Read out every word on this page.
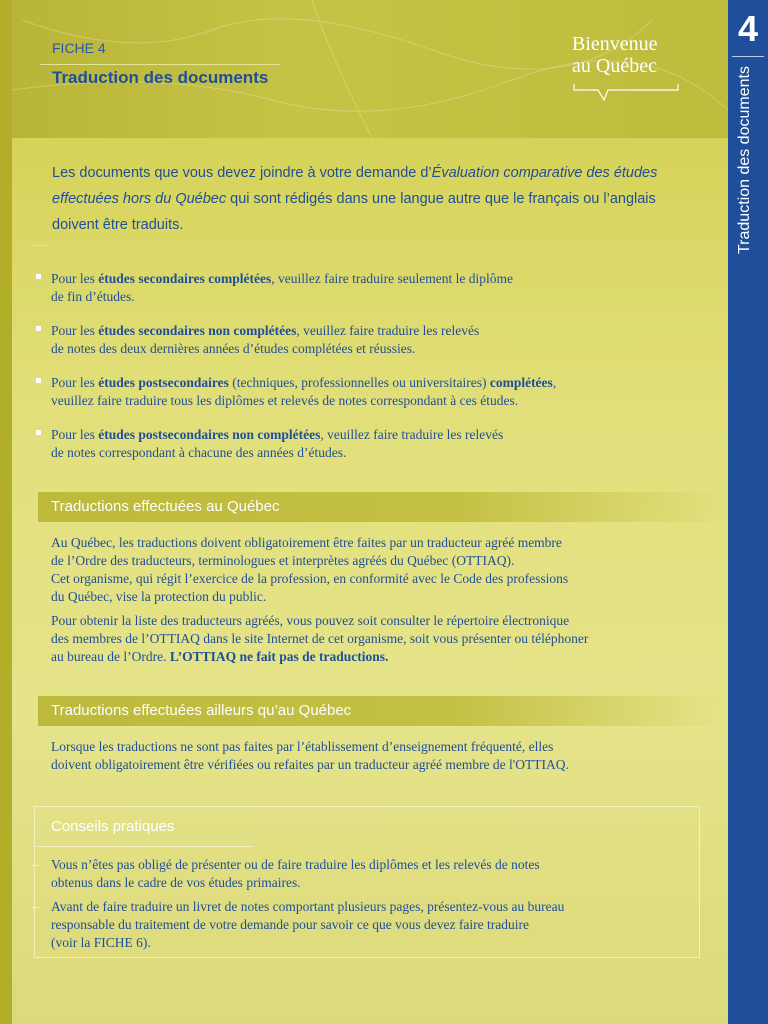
4
Traduction des documents
FICHE 4
Traduction des documents
Bienvenue
au Québec
Les documents que vous devez joindre à votre demande d’Évaluation comparative des études effectuées hors du Québec qui sont rédigés dans une langue autre que le français ou l’anglais doivent être traduits.
Pour les études secondaires complétées, veuillez faire traduire seulement le diplôme
de fin d’études.
Pour les études secondaires non complétées, veuillez faire traduire les relevés
de notes des deux dernières années d’études complétées et réussies.
Pour les études postsecondaires (techniques, professionnelles ou universitaires) complétées,
veuillez faire traduire tous les diplômes et relevés de notes correspondant à ces études.
Pour les études postsecondaires non complétées, veuillez faire traduire les relevés
de notes correspondant à chacune des années d’études.
Traductions effectuées au Québec
Au Québec, les traductions doivent obligatoirement être faites par un traducteur agréé membre
de l’Ordre des traducteurs, terminologues et interprètes agréés du Québec (OTTIAQ).
Cet organisme, qui régit l’exercice de la profession, en conformité avec le Code des professions
du Québec, vise la protection du public.
Pour obtenir la liste des traducteurs agréés, vous pouvez soit consulter le répertoire électronique
des membres de l’OTTIAQ dans le site Internet de cet organisme, soit vous présenter ou téléphoner
au bureau de l’Ordre. L’OTTIAQ ne fait pas de traductions.
Traductions effectuées ailleurs qu’au Québec
Lorsque les traductions ne sont pas faites par l’établissement d’enseignement fréquenté, elles
doivent obligatoirement être vérifiées ou refaites par un traducteur agréé membre de l'OTTIAQ.
Conseils pratiques
Vous n’êtes pas obligé de présenter ou de faire traduire les diplômes et les relevés de notes
obtenus dans le cadre de vos études primaires.
Avant de faire traduire un livret de notes comportant plusieurs pages, présentez-vous au bureau
responsable du traitement de votre demande pour savoir ce que vous devez faire traduire
(voir la FICHE 6).
